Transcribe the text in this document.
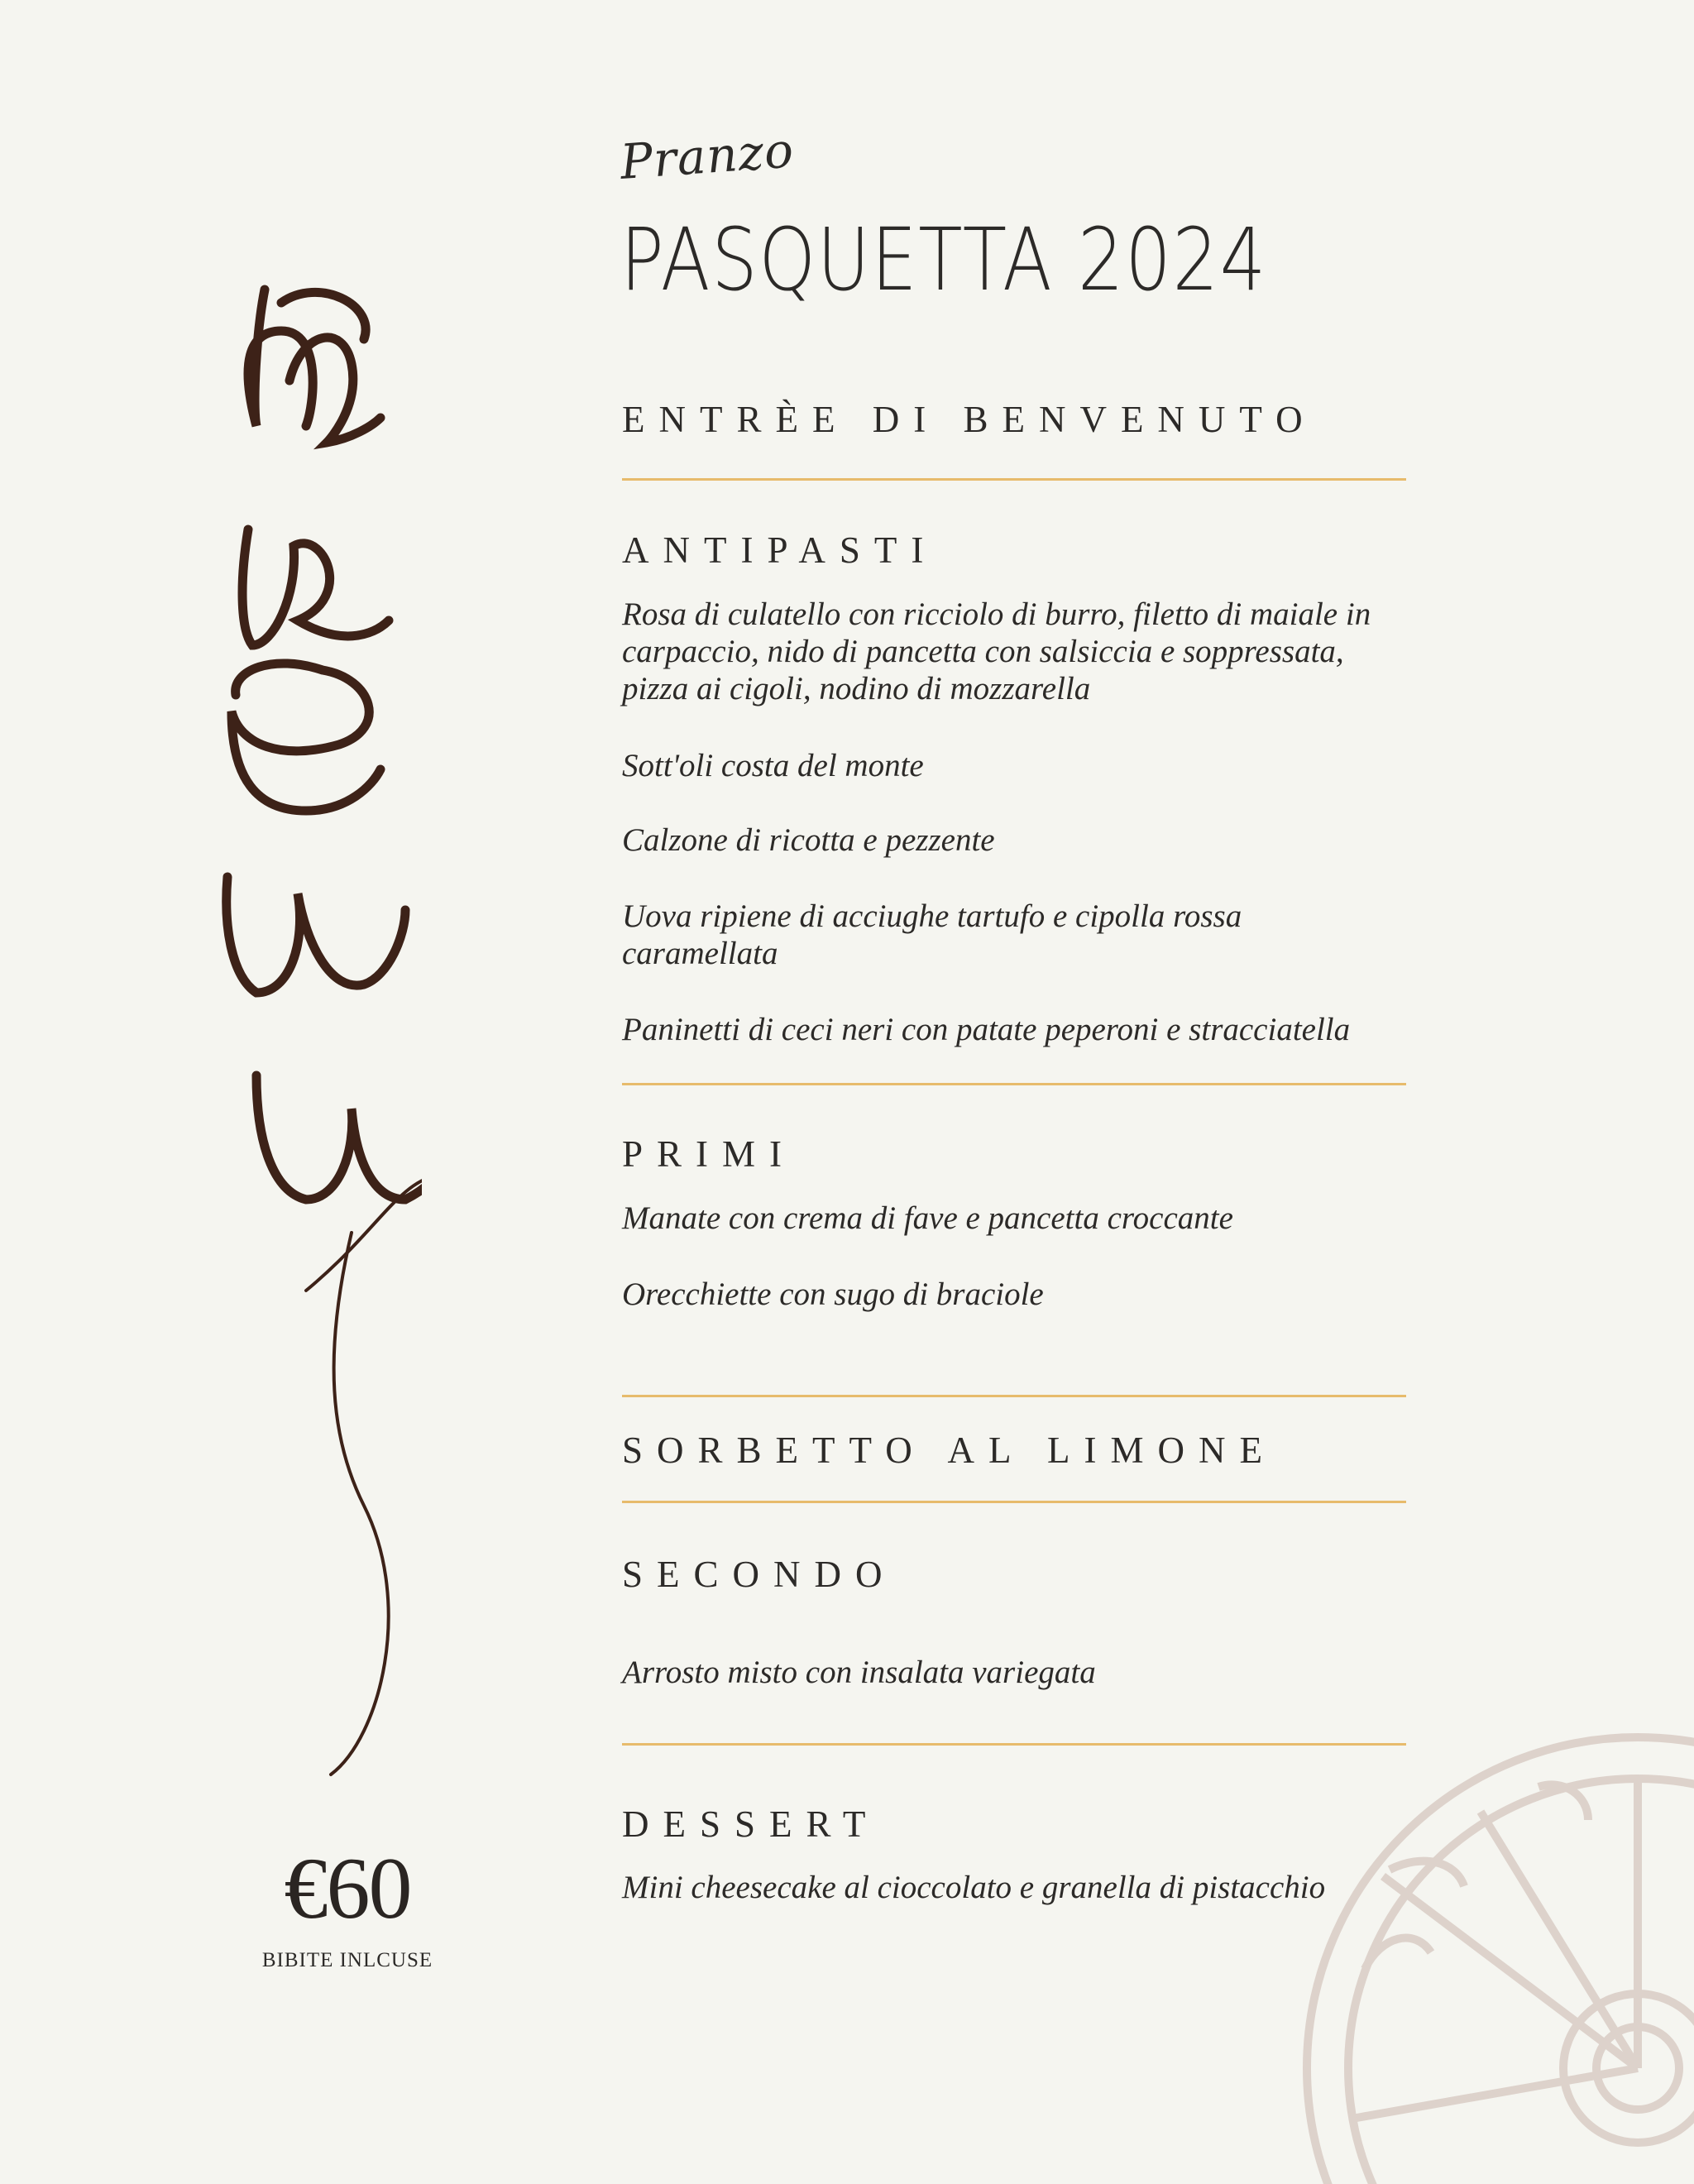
Pranzo
PASQUETTA 2024
ENTRÈE DI BENVENUTO
ANTIPASTI
Rosa di culatello con ricciolo di burro, filetto di maiale in carpaccio, nido di pancetta con salsiccia e soppressata, pizza ai cigoli, nodino di mozzarella
Sott'oli costa del monte
Calzone di ricotta e pezzente
Uova ripiene di acciughe tartufo e cipolla rossa caramellata
Paninetti di ceci neri con patate peperoni e stracciatella
PRIMI
Manate con crema di fave e pancetta croccante
Orecchiette con sugo di braciole
SORBETTO AL LIMONE
SECONDO
Arrosto misto con insalata variegata
DESSERT
Mini cheesecake al cioccolato e granella di pistacchio
€60
BIBITE INLCUSE
